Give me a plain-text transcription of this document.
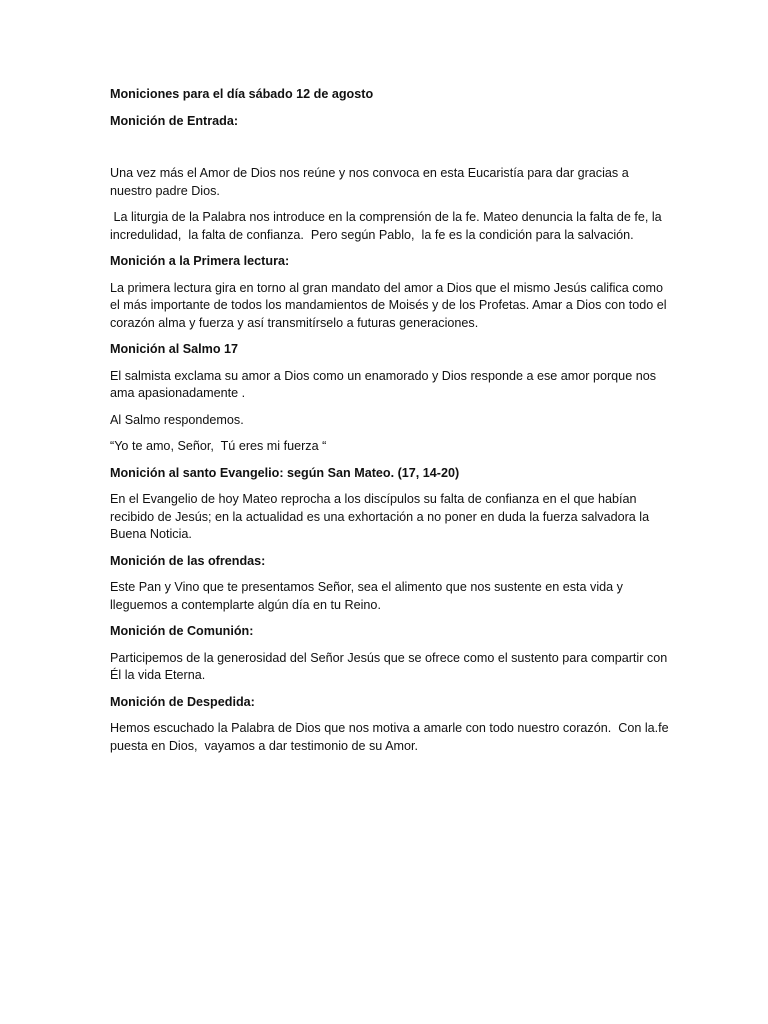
Moniciones para el día sábado 12 de agosto

Monición de Entrada:

Una vez más el Amor de Dios nos reúne y nos convoca en esta Eucaristía para dar gracias a nuestro padre Dios.

La liturgia de la Palabra nos introduce en la comprensión de la fe. Mateo denuncia la falta de fe, la incredulidad,  la falta de confianza.  Pero según Pablo,  la fe es la condición para la salvación.

Monición a la Primera lectura:

La primera lectura gira en torno al gran mandato del amor a Dios que el mismo Jesús califica como el más importante de todos los mandamientos de Moisés y de los Profetas. Amar a Dios con todo el corazón alma y fuerza y así transmitírselo a futuras generaciones.

Monición al Salmo 17

El salmista exclama su amor a Dios como un enamorado y Dios responde a ese amor porque nos ama apasionadamente .

Al Salmo respondemos.

“Yo te amo, Señor,  Tú eres mi fuerza “

Monición al santo Evangelio: según San Mateo. (17, 14-20)

En el Evangelio de hoy Mateo reprocha a los discípulos su falta de confianza en el que habían recibido de Jesús; en la actualidad es una exhortación a no poner en duda la fuerza salvadora la Buena Noticia.

Monición de las ofrendas:

Este Pan y Vino que te presentamos Señor, sea el alimento que nos sustente en esta vida y lleguemos a contemplarte algún día en tu Reino.

Monición de Comunión:

Participemos de la generosidad del Señor Jesús que se ofrece como el sustento para compartir con Él la vida Eterna.

Monición de Despedida:

Hemos escuchado la Palabra de Dios que nos motiva a amarle con todo nuestro corazón.  Con la.fe puesta en Dios,  vayamos a dar testimonio de su Amor.
